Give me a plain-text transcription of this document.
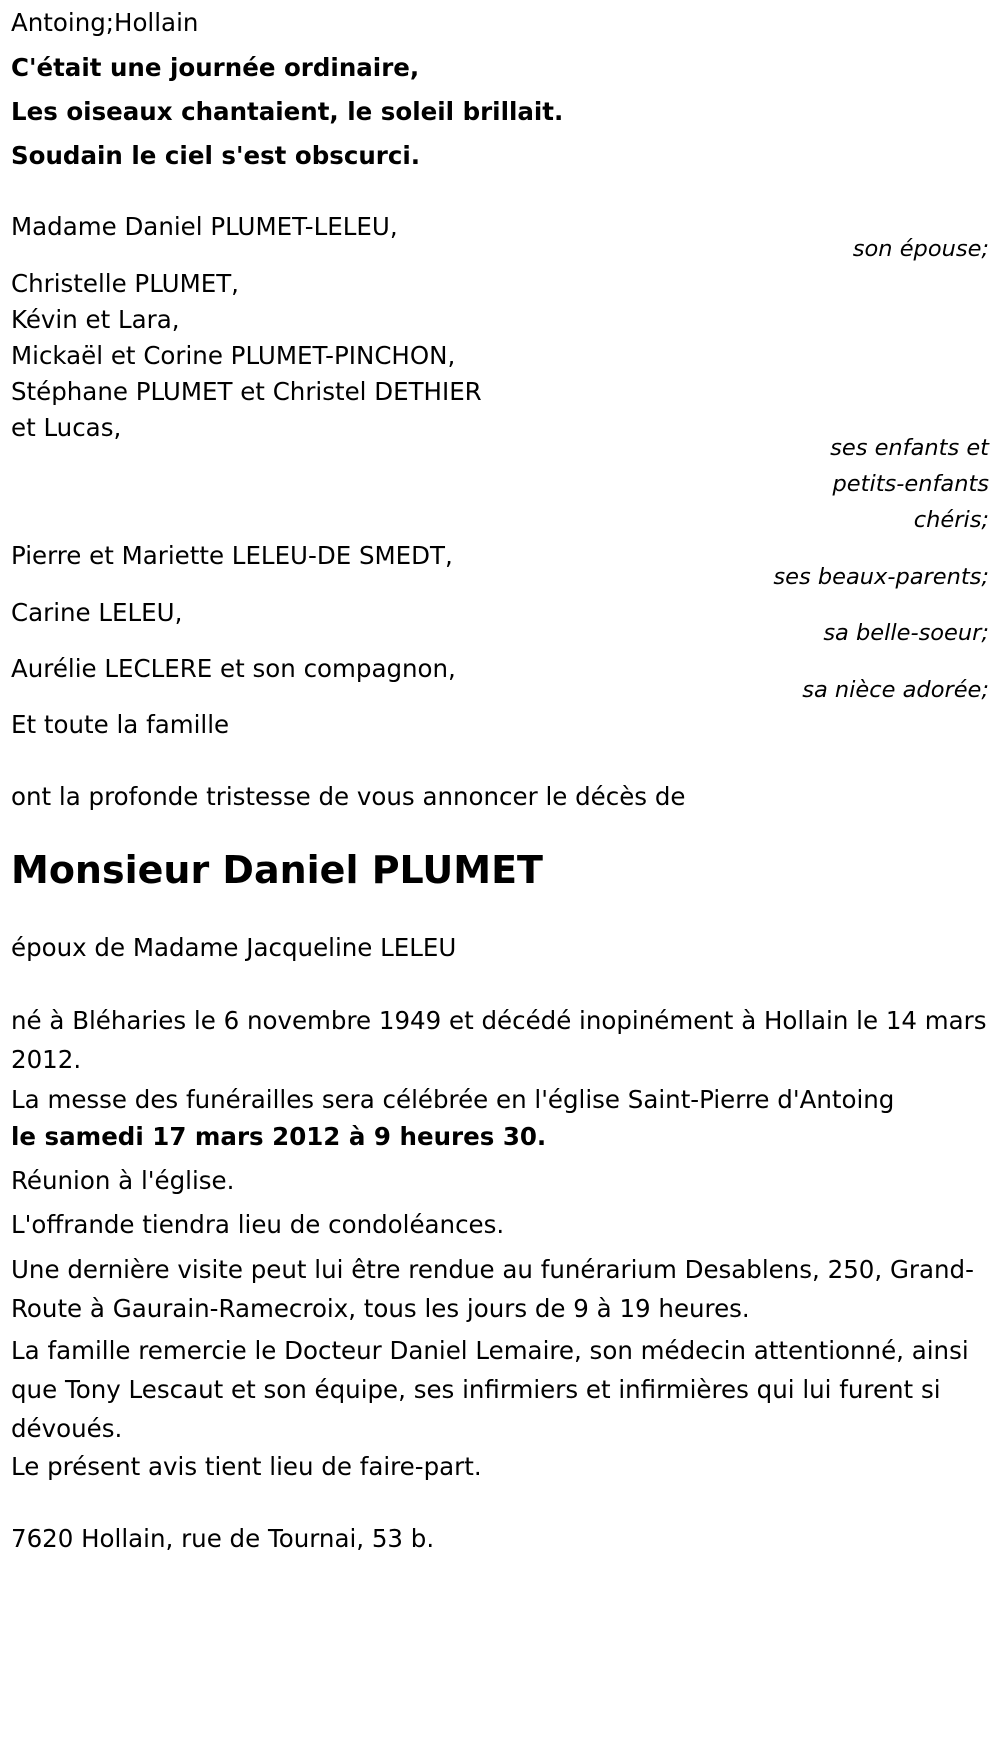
Antoing;Hollain
C'était une journée ordinaire,
Les oiseaux chantaient, le soleil brillait.
Soudain le ciel s'est obscurci.
Madame Daniel PLUMET-LELEU,
son épouse;
Christelle PLUMET,
Kévin et Lara,
Mickaël et Corine PLUMET-PINCHON,
Stéphane PLUMET et Christel DETHIER
et Lucas,
ses enfants et
petits-enfants
chéris;
Pierre et Mariette LELEU-DE SMEDT,
ses beaux-parents;
Carine LELEU,
sa belle-soeur;
Aurélie LECLERE et son compagnon,
sa nièce adorée;
Et toute la famille
ont la profonde tristesse de vous annoncer le décès de
Monsieur Daniel PLUMET
époux de Madame Jacqueline LELEU
né à Bléharies le 6 novembre 1949 et décédé inopinément à Hollain le 14 mars 2012.
La messe des funérailles sera célébrée en l'église Saint-Pierre d'Antoing
le samedi 17 mars 2012 à 9 heures 30.
Réunion à l'église.
L'offrande tiendra lieu de condoléances.
Une dernière visite peut lui être rendue au funérarium Desablens, 250, Grand-Route à Gaurain-Ramecroix, tous les jours de 9 à 19 heures.
La famille remercie le Docteur Daniel Lemaire, son médecin attentionné, ainsi que Tony Lescaut et son équipe, ses infirmiers et infirmières qui lui furent si dévoués.
Le présent avis tient lieu de faire-part.
7620 Hollain, rue de Tournai, 53 b.
